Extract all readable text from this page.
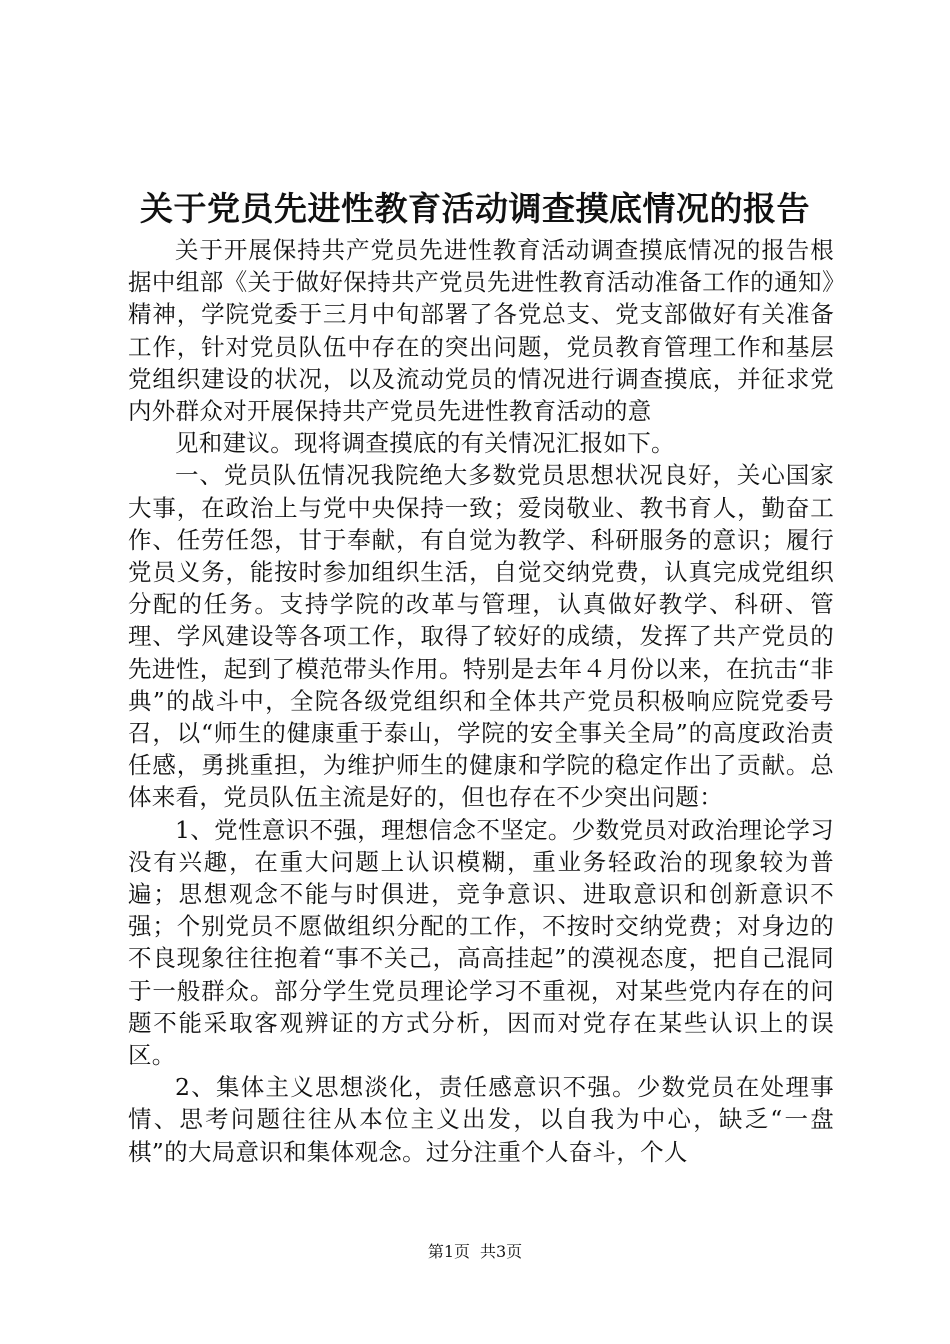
关于党员先进性教育活动调查摸底情况的报告

关于开展保持共产党员先进性教育活动调查摸底情况的报告根据中组部《关于做好保持共产党员先进性教育活动准备工作的通知》精神，学院党委于三月中旬部署了各党总支、党支部做好有关准备工作，针对党员队伍中存在的突出问题，党员教育管理工作和基层党组织建设的状况，以及流动党员的情况进行调查摸底，并征求党内外群众对开展保持共产党员先进性教育活动的意

见和建议。现将调查摸底的有关情况汇报如下。

一、党员队伍情况我院绝大多数党员思想状况良好，关心国家大事，在政治上与党中央保持一致；爱岗敬业、教书育人，勤奋工作、任劳任怨，甘于奉献，有自觉为教学、科研服务的意识；履行党员义务，能按时参加组织生活，自觉交纳党费，认真完成党组织分配的任务。支持学院的改革与管理，认真做好教学、科研、管理、学风建设等各项工作，取得了较好的成绩，发挥了共产党员的先进性，起到了模范带头作用。特别是去年４月份以来，在抗击“非典”的战斗中，全院各级党组织和全体共产党员积极响应院党委号召，以“师生的健康重于泰山，学院的安全事关全局”的高度政治责任感，勇挑重担，为维护师生的健康和学院的稳定作出了贡献。总体来看，党员队伍主流是好的，但也存在不少突出问题：

1、党性意识不强，理想信念不坚定。少数党员对政治理论学习没有兴趣，在重大问题上认识模糊，重业务轻政治的现象较为普遍；思想观念不能与时俱进，竞争意识、进取意识和创新意识不强；个别党员不愿做组织分配的工作，不按时交纳党费；对身边的不良现象往往抱着“事不关己，高高挂起”的漠视态度，把自己混同于一般群众。部分学生党员理论学习不重视，对某些党内存在的问题不能采取客观辨证的方式分析，因而对党存在某些认识上的误区。

2、集体主义思想淡化，责任感意识不强。少数党员在处理事情、思考问题往往从本位主义出发，以自我为中心，缺乏“一盘棋”的大局意识和集体观念。过分注重个人奋斗，个人

第1页 共3页
